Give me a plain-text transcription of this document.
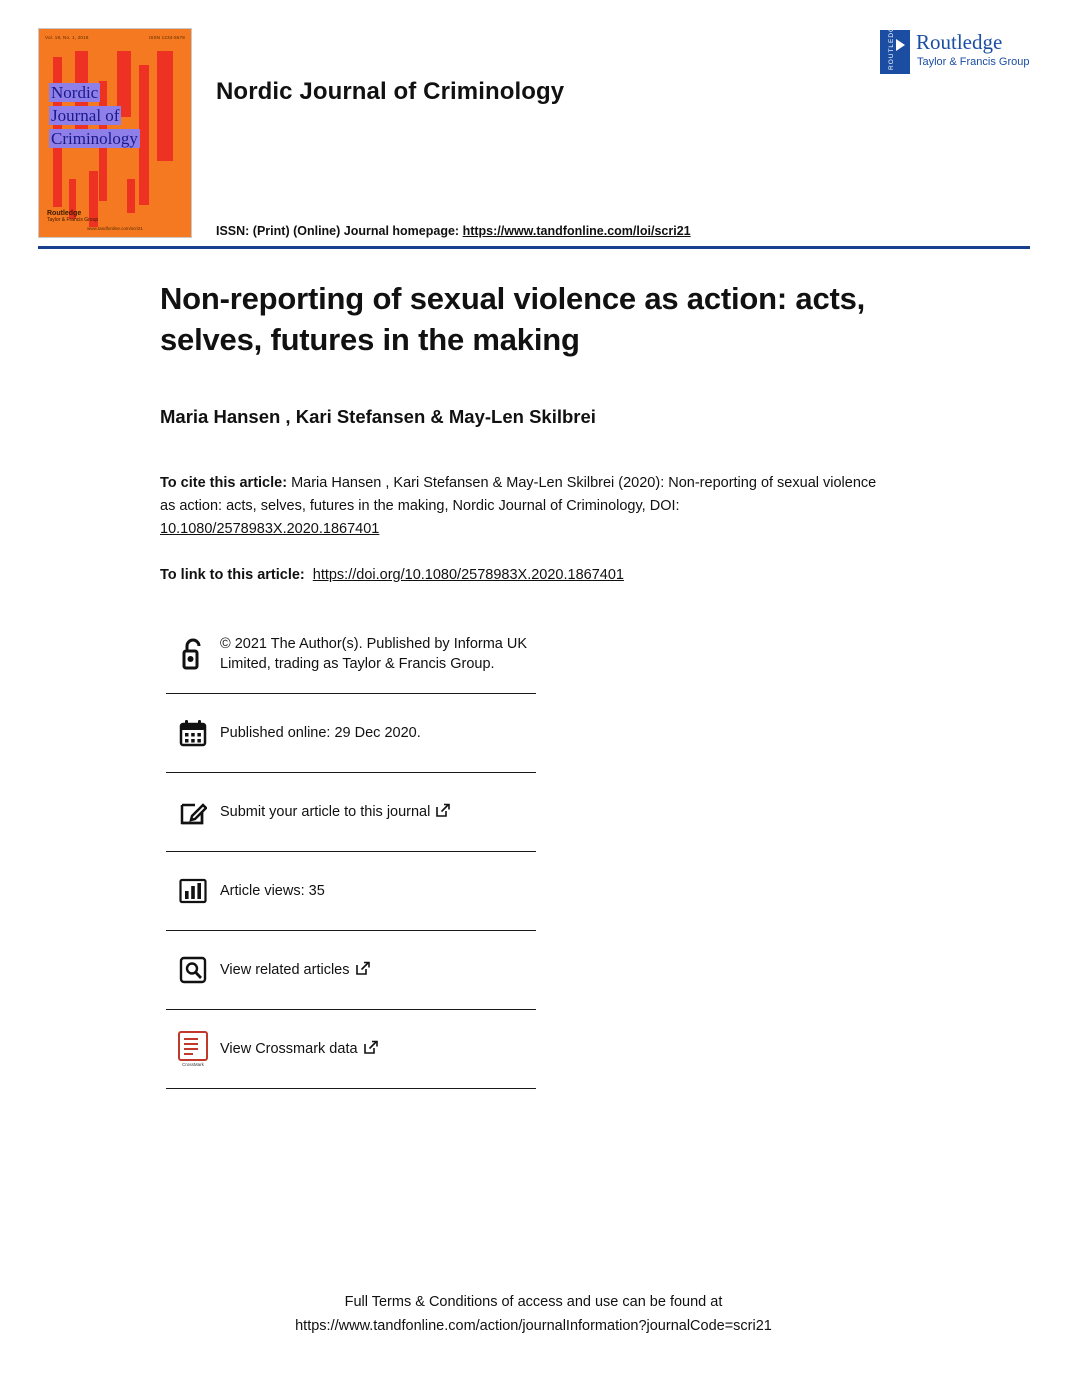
Vol. 19, No. 1, 2018	ISSN 1234-5678
Nordic
Journal of
Criminology
Routledge
Taylor & Francis Group
www.tandfonline.com/scri21
Nordic Journal of Criminology
ISSN: (Print) (Online) Journal homepage: https://www.tandfonline.com/loi/scri21
ROUTLEDGE Routledge
Taylor & Francis Group
Non-reporting of sexual violence as action: acts, selves, futures in the making
Maria Hansen , Kari Stefansen & May-Len Skilbrei
To cite this article: Maria Hansen , Kari Stefansen & May-Len Skilbrei (2020): Non-reporting of sexual violence as action: acts, selves, futures in the making, Nordic Journal of Criminology, DOI: 10.1080/2578983X.2020.1867401
To link to this article: https://doi.org/10.1080/2578983X.2020.1867401
© 2021 The Author(s). Published by Informa UK Limited, trading as Taylor & Francis Group.
Published online: 29 Dec 2020.
Submit your article to this journal
Article views: 35
View related articles
CrossMark
View Crossmark data
Full Terms & Conditions of access and use can be found at
https://www.tandfonline.com/action/journalInformation?journalCode=scri21
